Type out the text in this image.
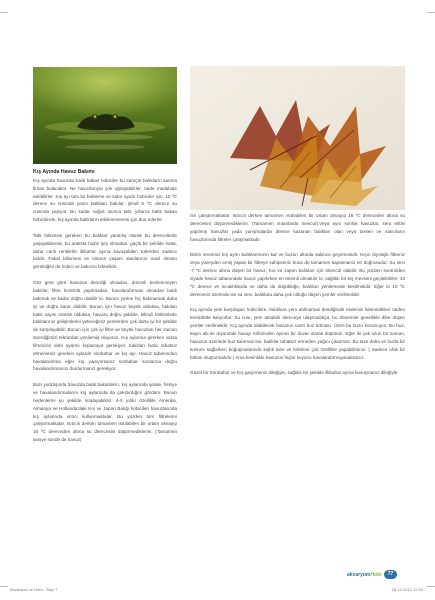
Kış Ayında Havuz Bakımı

Kış ayında havuzda balık bakan hobiciler bu süreçte balıkların sanma firsatı bulacaktır. Ne havuzlarıyla çok uğraşabilirler, nede madahale edebilirler. Kış ayı tam bir bekleme ve sabır ayıdır hobiciler için. 10 ºC derece su ısısında yazın balıkları bakılar, şimdi 5 ºC derece su ısısında yaşıyor. Bu kadar soğuk olunca tabi, yıllarca balık bakan hobicilerde, kış ayında balıkların etkilenmemesi için dua ederler.

Tabi bilinmesi gereken bu balıklar yaratılış olarak bu derecelerde yaşayabilecek, bu aralıkta hiçbir şey olmadan, güçlü bir şekilde hatta, daha canlı renklerle ilkbahar ayına kavuşabilen türlerden sadece biridir. Fakat bilinmesi ve onların yaşam alanlarının nasıl olması gerektiğini de hobici ve bakıcısı bilmelidir.

Göz göre göre havuzun derinliği olmadan, düzenli beslenmeyen balıklar, filtre kontrolü yapılmadan, havalandırması olmadan balık bakmak ne kadar doğru olabilir ki. Bunun yerine hiç bakmamak daha iyi ve doğru karar olabilir. Bunun için havuz büyük olduksa, bakılan balık sayısı orantılı olduksa, havuzu doğru şekilde, bilinçli birikimlerle balıklarınız gelişimlerini yeteceğiniz yemlerden çok daha iyi bir şekilde de karşılayabilir. Bunun için çok iyi filtre ve büyük havuzları her zaman önerdiğimizi tekrardan yenilemiş oluyoruz. Kış aylarına girerken varsa filtrenizin debi ayarını kışlamaya gerekiyor, balıkları fazla rahatsız etmemeniz gereken aylardır sonbahar ve kış ayı. Havuz tabanından havalandırma eğer kış yapıyorsanız sonbahar sonlarına doğru havalandırmanızı durdurmanız gerekiyor.

Bazı yurtdışında havuzda balık bakanların, kış aylarında şelale, fıskıye ve havalandırmalarını kış aylarında da çalıştırdığını gördüm. Bunun nedenlerini şu şekilde sıralayabiliriz. 4-5 yıldır özellikle Amerika, Almanya ve Hollanda'daki Koi ve Japon Balığı hobicileri havuzlarında kış aylarında ısıtıcı kullanmaktalar. Bu yüzden tüm filtrelerini çalıştırmaktalar. Isıtıcılı derken tamamen ısıtılabilen bir ortam olmayıp 16 ºC dereceden altına su derecesini düşürmediklerini. (Tamamen saniye sünde de havuz)

rini çalıştırmaktalar. Isıtıcılı derken tamamen ısıtılabilen bir ortam olmayıp 16 ºC dereceden altına su derecesini düşürmediklerini. (Tamamen ısıtanlarda mevcut).Veya aynı sonluk havuzlar, sera etkisi yapılmış havuzlar yada yarışmalarda derece kazanan balıkları olan veya üreten ve satıcıların havuzlarında filtreler çalışmaktadır.

Bizim önerimiz kış aymı balıklarımızın kar ve buzun altında sakince geçirmesidir. Kışın biyolojik filtreniz veya yüzeyden emiş yapan bir filtreye sahipseniz buna de tamamen kapatmanız en doğrusudur. Su ısısı -7 ºC derece altına düşen bir havuz, Koi ve Japon balıkları için ölümcül olabilir. Bu yüzden kontrolden ziyade havuz tabanındaki havuz yapılırken en önemli olmalıdır ki, sağlıklı bir kış mevsimi geçilebilirler. 10 ºC derece ve sıcaklıklarda ve daha da düşüklüğe, balıkları yemlemede kesilmelidir. Eğer ki 10 ºC derecenin üzerinde ise su ısısı, balıklara daha çok olduğu düşen yemler verilmelidir.

Kış ayında yeni karşılaşan hobicilere, balıklara yem atılmamalı dendiğinde nedenini bilemedikleri ünden tereddütte kalıyorlar. Su ısısı, yem atılabilir dereceye ulaşmadıkça, bu dönemde genellikle dibe düşen yemler verilmelidir. Kış ayında olabilecek havuzun üzeri buz tutması. Üzeri bu buzu korumuyor. Bu buz, kayın alti ile dışarıdaki havayı birbirinden ayıran bir duvar olarak düşünün. Eğer iki çok uzun bir zaman, havuzun üzerinde buz kalırmaz ise, balıklar rahatsız ermeden yağını çıkarmaz. Bu taze daha ve buzla bir kısmını sağlarken boğuşmalarında kışlık taze ve birbirine çok özellikle yapabilirsiniz. ( Sadece ufak bir bölüm oluşturmalıdır.) Ama kesinlikle havuzun hiçbir suyunu havalandırmayacaksanız.

Güzel bir Sonbahar ve Kış geçirmeniz dileğiyle, sağlıklı bir şekilde ilkbahar ayına kavuşmanız dileğiyle.

akvaryumHobi	77
Akvaryum ve Hobi - Sayı 7	28.12.2012 12:00
